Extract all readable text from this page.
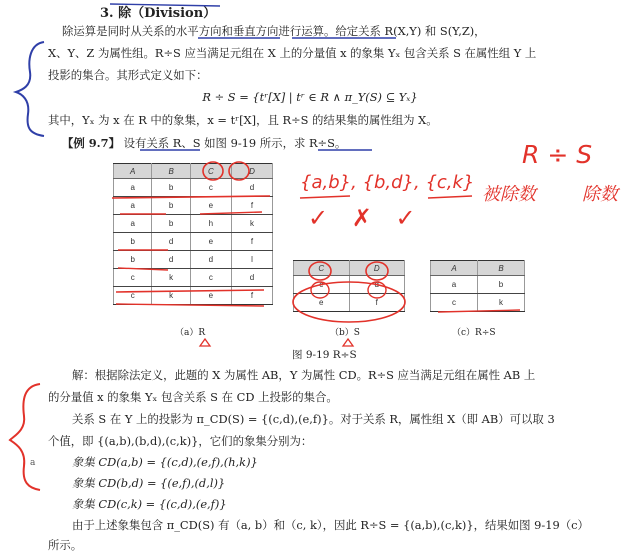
3. 除（Division）
除运算是同时从关系的水平方向和垂直方向进行运算。给定关系 R(X,Y) 和 S(Y,Z)，
X、Y、Z 为属性组。R÷S 应当满足元组在 X 上的分量值 x 的象集 Yₓ 包含关系 S 在属性组 Y 上
投影的集合。其形式定义如下：
R ÷ S = {tʳ[X] | tʳ ∈ R ∧ π_Y(S) ⊆ Yₓ}
其中，Yₓ 为 x 在 R 中的象集，x = tʳ[X]，且 R÷S 的结果集的属性组为 X。
【例 9.7】 设有关系 R、S 如图 9-19 所示，求 R÷S。
A	B	C	D
a	b	c	d
a	b	e	f
a	b	h	k
b	d	e	f
b	d	d	l
c	k	c	d
c	k	e	f
（a）R
C	D
c	d
e	f
（b）S
A	B
a	b
c	k
（c）R÷S
图 9-19 R÷S
解：根据除法定义，此题的 X 为属性 AB，Y 为属性 CD。R÷S 应当满足元组在属性 AB 上
的分量值 x 的象集 Yₓ 包含关系 S 在 CD 上投影的集合。
关系 S 在 Y 上的投影为 π_CD(S) = {(c,d),(e,f)}。对于关系 R，属性组 X（即 AB）可以取 3
个值，即 {(a,b),(b,d),(c,k)}，它们的象集分别为：
象集 CD(a,b) = {(c,d),(e,f),(h,k)}
象集 CD(b,d) = {(e,f),(d,l)}
象集 CD(c,k) = {(c,d),(e,f)}
由于上述象集包含 π_CD(S) 有（a, b）和（c, k），因此 R÷S = {(a,b),(c,k)}，结果如图 9-19（c）
所示。
{a,b}, {b,d}, {c,k}
✓ ✗ ✓
R ÷ S
被除数	除数
a
